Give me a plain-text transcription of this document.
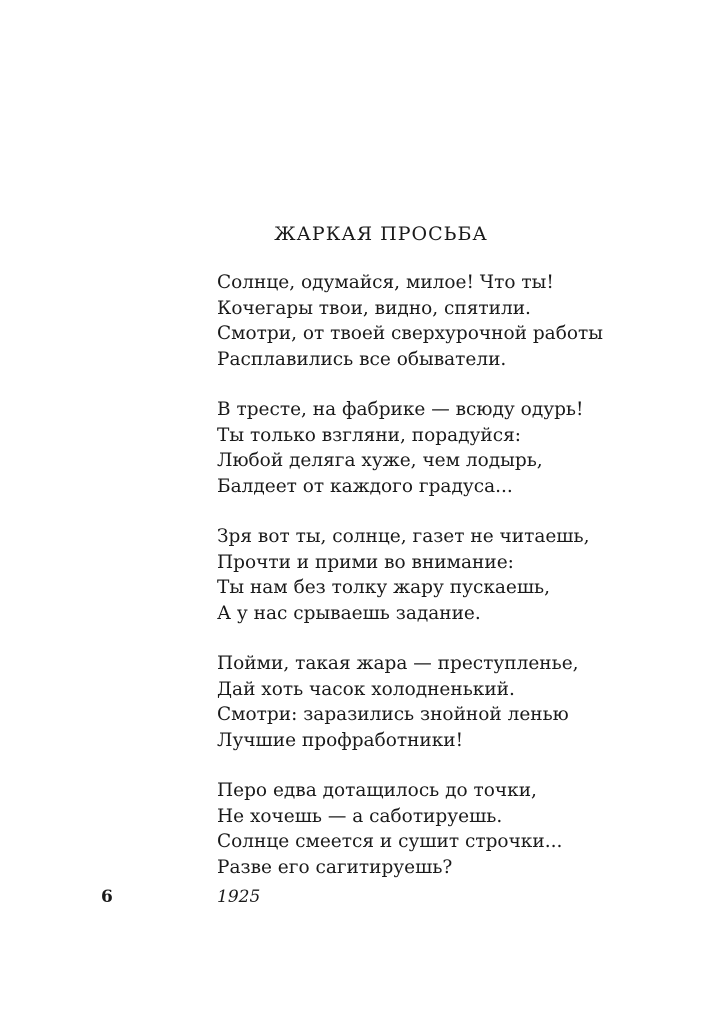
ЖАРКАЯ ПРОСЬБА
Солнце, одумайся, милое! Что ты!
Кочегары твои, видно, спятили.
Смотри, от твоей сверхурочной работы
Расплавились все обыватели.
В тресте, на фабрике — всюду одурь!
Ты только взгляни, порадуйся:
Любой деляга хуже, чем лодырь,
Балдеет от каждого градуса...
Зря вот ты, солнце, газет не читаешь,
Прочти и прими во внимание:
Ты нам без толку жару пускаешь,
А у нас срываешь задание.
Пойми, такая жара — преступленье,
Дай хоть часок холодненький.
Смотри: заразились знойной ленью
Лучшие профработники!
Перо едва дотащилось до точки,
Не хочешь — а саботируешь.
Солнце смеется и сушит строчки...
Разве его сагитируешь?
6	1925
